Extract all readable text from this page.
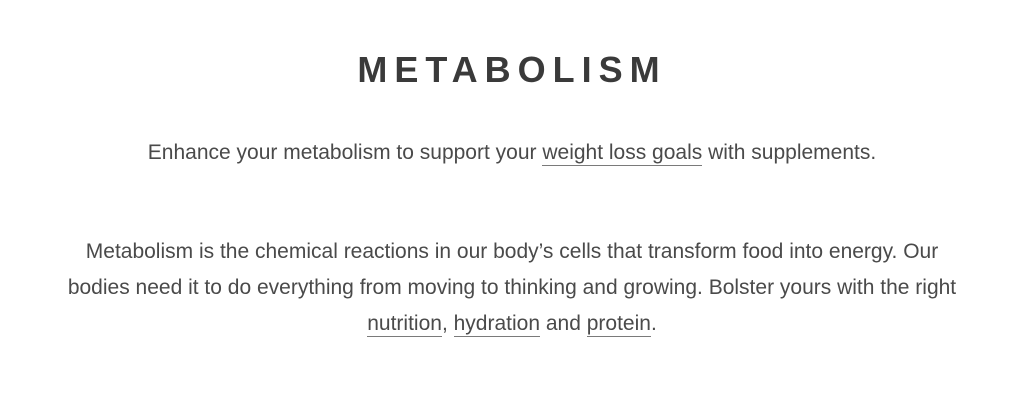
METABOLISM

Enhance your metabolism to support your weight loss goals with supplements.

Metabolism is the chemical reactions in our body’s cells that transform food into energy. Our bodies need it to do everything from moving to thinking and growing. Bolster yours with the right nutrition, hydration and protein.
